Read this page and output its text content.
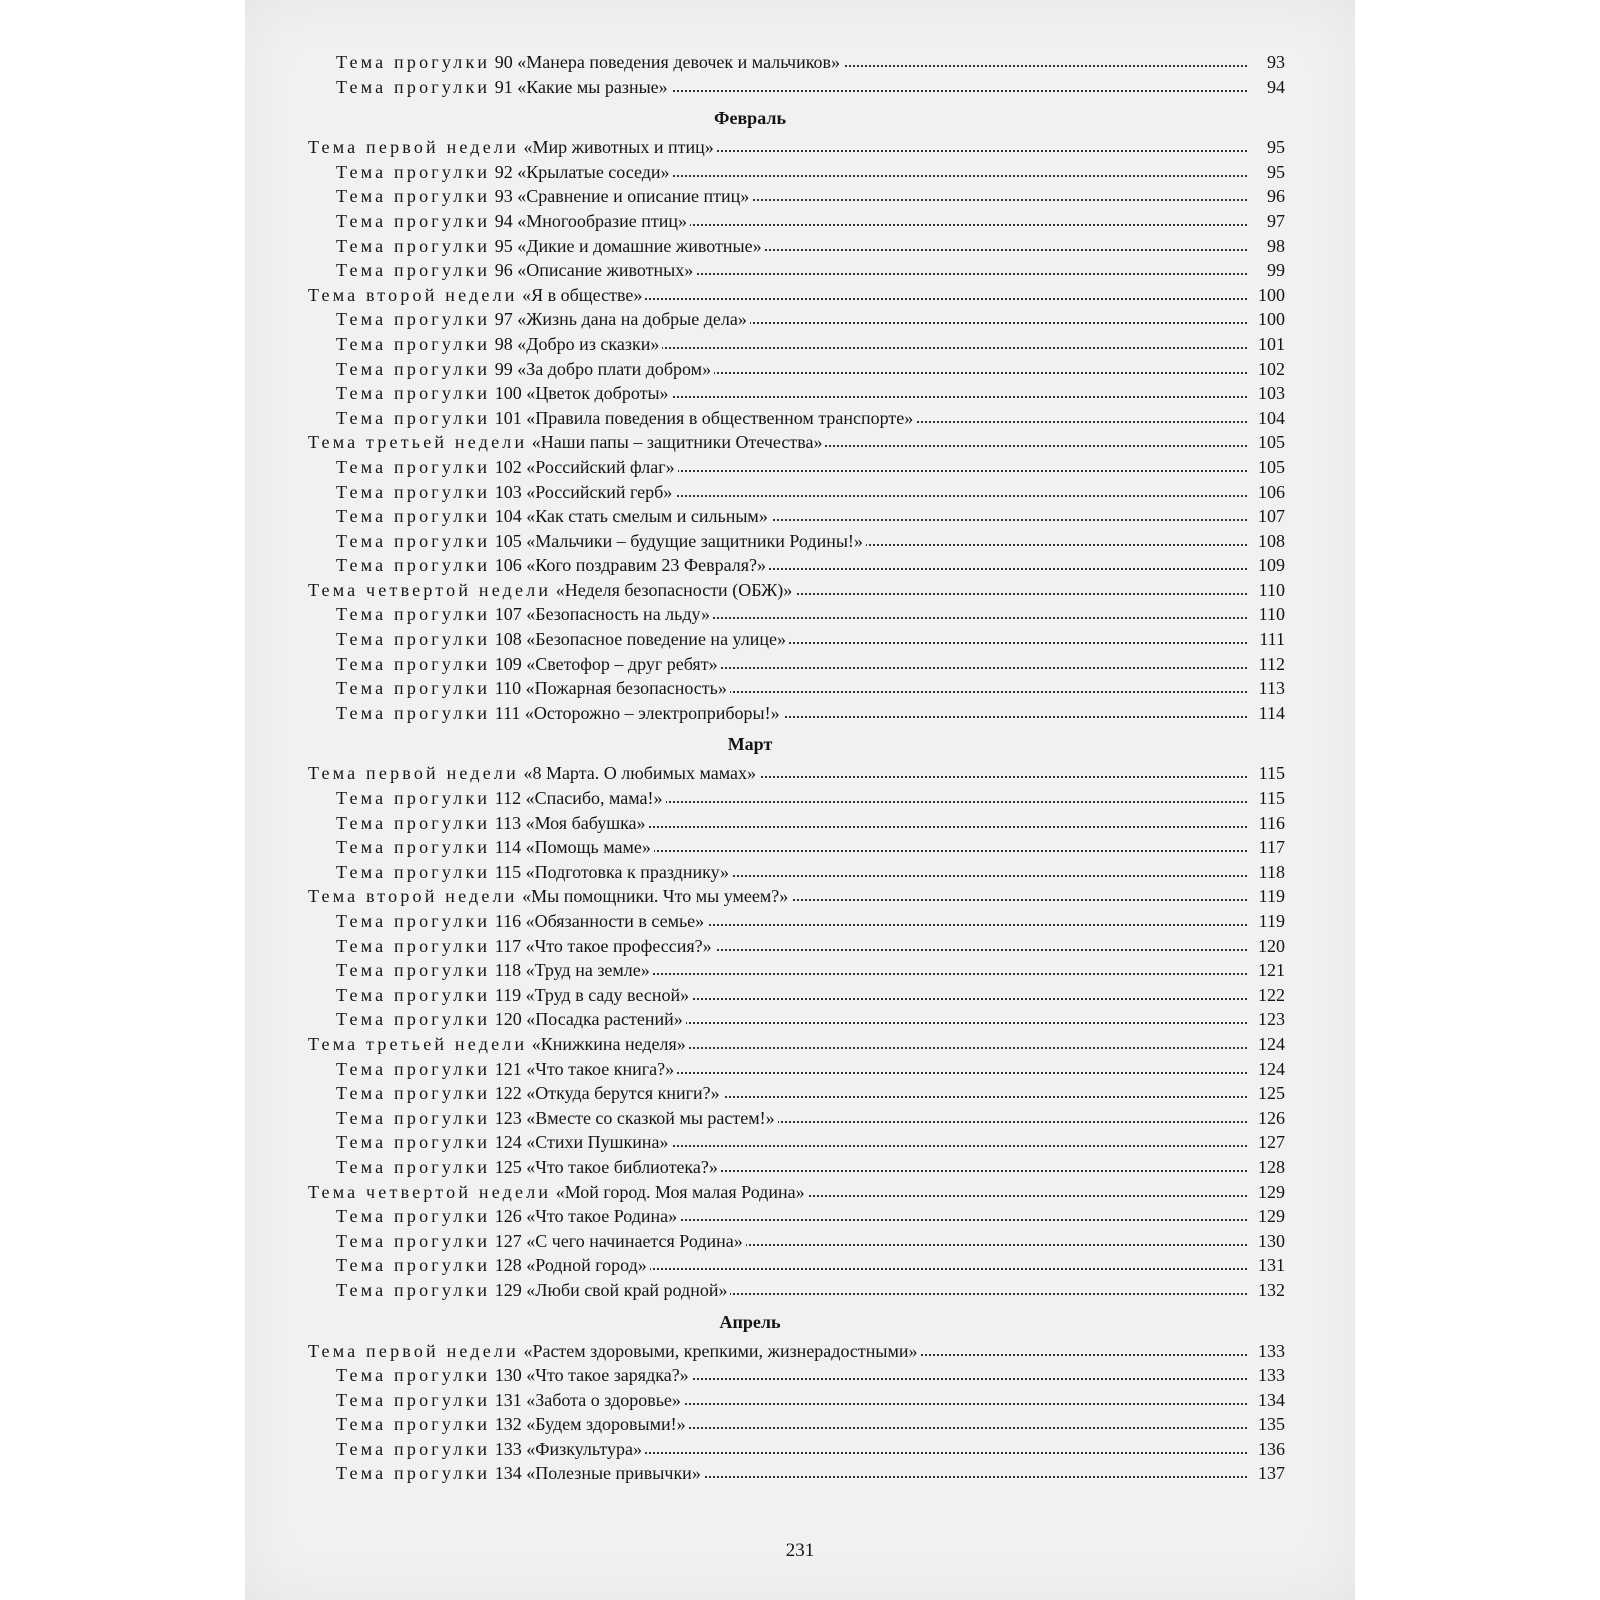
Тема прогулки 90 «Манера поведения девочек и мальчиков»	93
Тема прогулки 91 «Какие мы разные»	94
Февраль
Тема первой недели «Мир животных и птиц»	95
Тема прогулки 92 «Крылатые соседи»	95
Тема прогулки 93 «Сравнение и описание птиц»	96
Тема прогулки 94 «Многообразие птиц»	97
Тема прогулки 95 «Дикие и домашние животные»	98
Тема прогулки 96 «Описание животных»	99
Тема второй недели «Я в обществе»	100
Тема прогулки 97 «Жизнь дана на добрые дела»	100
Тема прогулки 98 «Добро из сказки»	101
Тема прогулки 99 «За добро плати добром»	102
Тема прогулки 100 «Цветок доброты»	103
Тема прогулки 101 «Правила поведения в общественном транспорте»	104
Тема третьей недели «Наши папы – защитники Отечества»	105
Тема прогулки 102 «Российский флаг»	105
Тема прогулки 103 «Российский герб»	106
Тема прогулки 104 «Как стать смелым и сильным»	107
Тема прогулки 105 «Мальчики – будущие защитники Родины!»	108
Тема прогулки 106 «Кого поздравим 23 Февраля?»	109
Тема четвертой недели «Неделя безопасности (ОБЖ)»	110
Тема прогулки 107 «Безопасность на льду»	110
Тема прогулки 108 «Безопасное поведение на улице»	111
Тема прогулки 109 «Светофор – друг ребят»	112
Тема прогулки 110 «Пожарная безопасность»	113
Тема прогулки 111 «Осторожно – электроприборы!»	114
Март
Тема первой недели «8 Марта. О любимых мамах»	115
Тема прогулки 112 «Спасибо, мама!»	115
Тема прогулки 113 «Моя бабушка»	116
Тема прогулки 114 «Помощь маме»	117
Тема прогулки 115 «Подготовка к празднику»	118
Тема второй недели «Мы помощники. Что мы умеем?»	119
Тема прогулки 116 «Обязанности в семье»	119
Тема прогулки 117 «Что такое профессия?»	120
Тема прогулки 118 «Труд на земле»	121
Тема прогулки 119 «Труд в саду весной»	122
Тема прогулки 120 «Посадка растений»	123
Тема третьей недели «Книжкина неделя»	124
Тема прогулки 121 «Что такое книга?»	124
Тема прогулки 122 «Откуда берутся книги?»	125
Тема прогулки 123 «Вместе со сказкой мы растем!»	126
Тема прогулки 124 «Стихи Пушкина»	127
Тема прогулки 125 «Что такое библиотека?»	128
Тема четвертой недели «Мой город. Моя малая Родина»	129
Тема прогулки 126 «Что такое Родина»	129
Тема прогулки 127 «С чего начинается Родина»	130
Тема прогулки 128 «Родной город»	131
Тема прогулки 129 «Люби свой край родной»	132
Апрель
Тема первой недели «Растем здоровыми, крепкими, жизнерадостными»	133
Тема прогулки 130 «Что такое зарядка?»	133
Тема прогулки 131 «Забота о здоровье»	134
Тема прогулки 132 «Будем здоровыми!»	135
Тема прогулки 133 «Физкультура»	136
Тема прогулки 134 «Полезные привычки»	137
231
